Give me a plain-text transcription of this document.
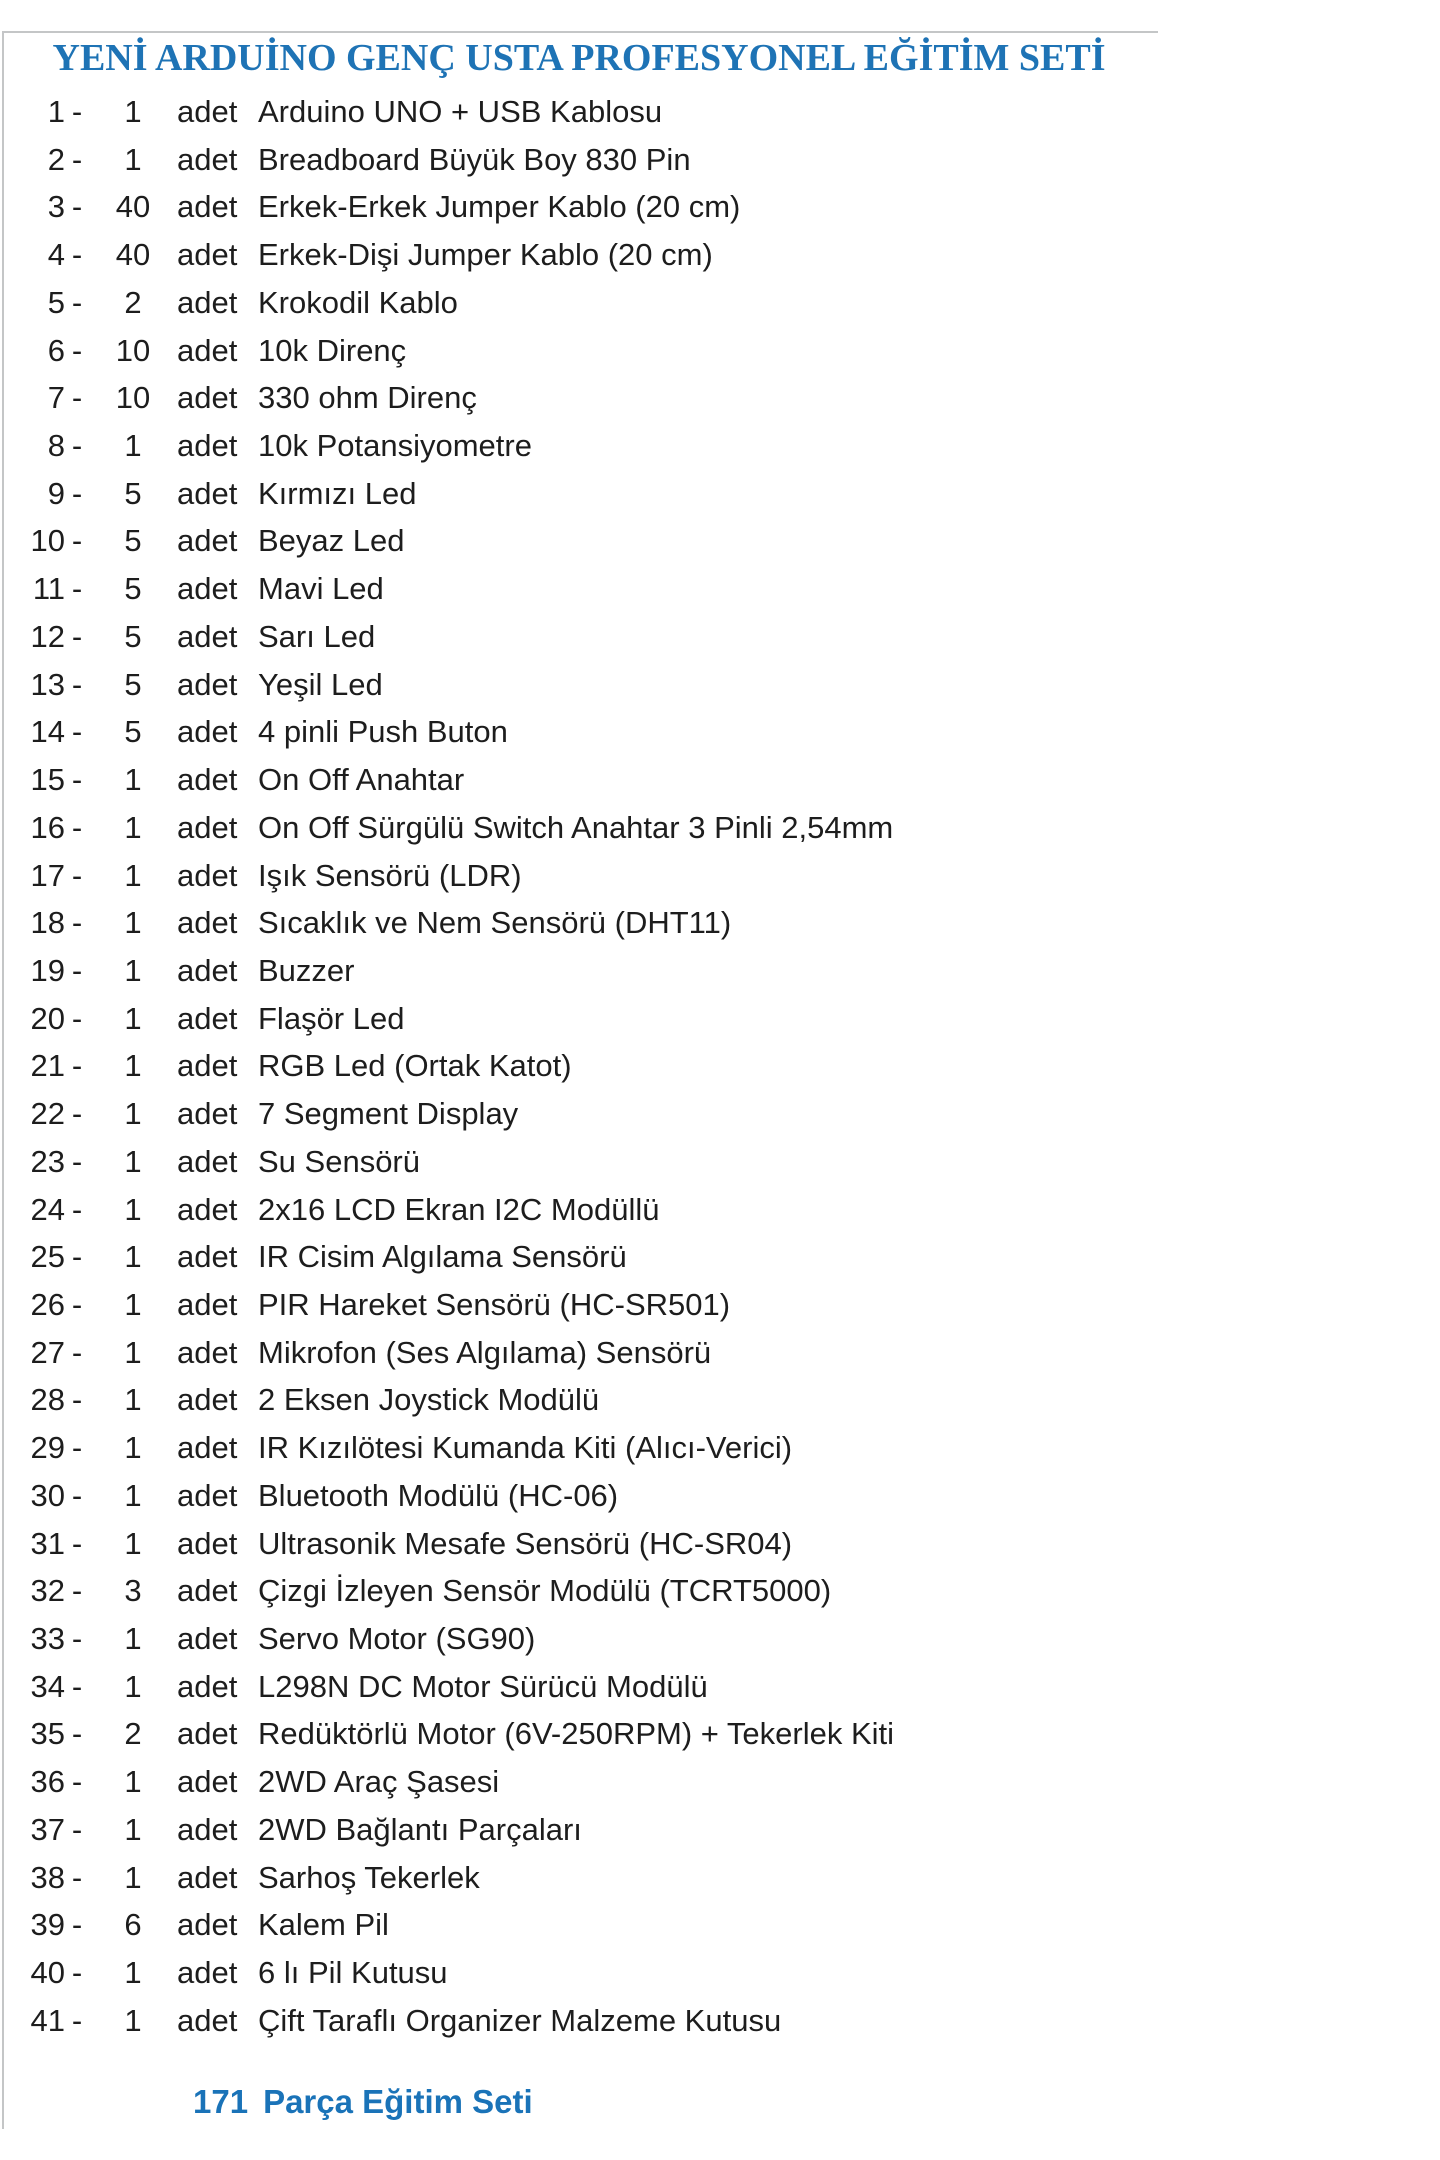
YENİ ARDUİNO GENÇ USTA PROFESYONEL EĞİTİM SETİ
1 -	1	adet Arduino UNO + USB Kablosu
2 -	1	adet Breadboard Büyük Boy 830 Pin
3 -	40 adet Erkek-Erkek Jumper Kablo (20 cm)
4 -	40 adet Erkek-Dişi Jumper Kablo (20 cm)
5 -	2	adet Krokodil Kablo
6 -	10 adet 10k Direnç
7 -	10 adet 330 ohm Direnç
8 -	1	adet 10k Potansiyometre
9 -	5	adet Kırmızı Led
10 -	5	adet Beyaz Led
11 -	5	adet Mavi Led
12 -	5	adet Sarı Led
13 -	5	adet Yeşil Led
14 -	5	adet 4 pinli Push Buton
15 -	1	adet On Off Anahtar
16 -	1	adet On Off Sürgülü Switch Anahtar 3 Pinli 2,54mm
17 -	1	adet Işık Sensörü (LDR)
18 -	1	adet Sıcaklık ve Nem Sensörü (DHT11)
19 -	1	adet Buzzer
20 -	1	adet Flaşör Led
21 -	1	adet RGB Led (Ortak Katot)
22 -	1	adet 7 Segment Display
23 -	1	adet Su Sensörü
24 -	1	adet 2x16 LCD Ekran I2C Modüllü
25 -	1	adet IR Cisim Algılama Sensörü
26 -	1	adet PIR Hareket Sensörü (HC-SR501)
27 -	1	adet Mikrofon (Ses Algılama) Sensörü
28 -	1	adet 2 Eksen Joystick Modülü
29 -	1	adet IR Kızılötesi Kumanda Kiti (Alıcı-Verici)
30 -	1	adet Bluetooth Modülü (HC-06)
31 -	1	adet Ultrasonik Mesafe Sensörü (HC-SR04)
32 -	3	adet Çizgi İzleyen Sensör Modülü (TCRT5000)
33 -	1	adet Servo Motor (SG90)
34 -	1	adet L298N DC Motor Sürücü Modülü
35 -	2	adet Redüktörlü Motor (6V-250RPM) + Tekerlek Kiti
36 -	1	adet 2WD Araç Şasesi
37 -	1	adet 2WD Bağlantı Parçaları
38 -	1	adet Sarhoş Tekerlek
39 -	6	adet Kalem Pil
40 -	1	adet 6 lı Pil Kutusu
41 -	1	adet Çift Taraflı Organizer Malzeme Kutusu
171 Parça Eğitim Seti
